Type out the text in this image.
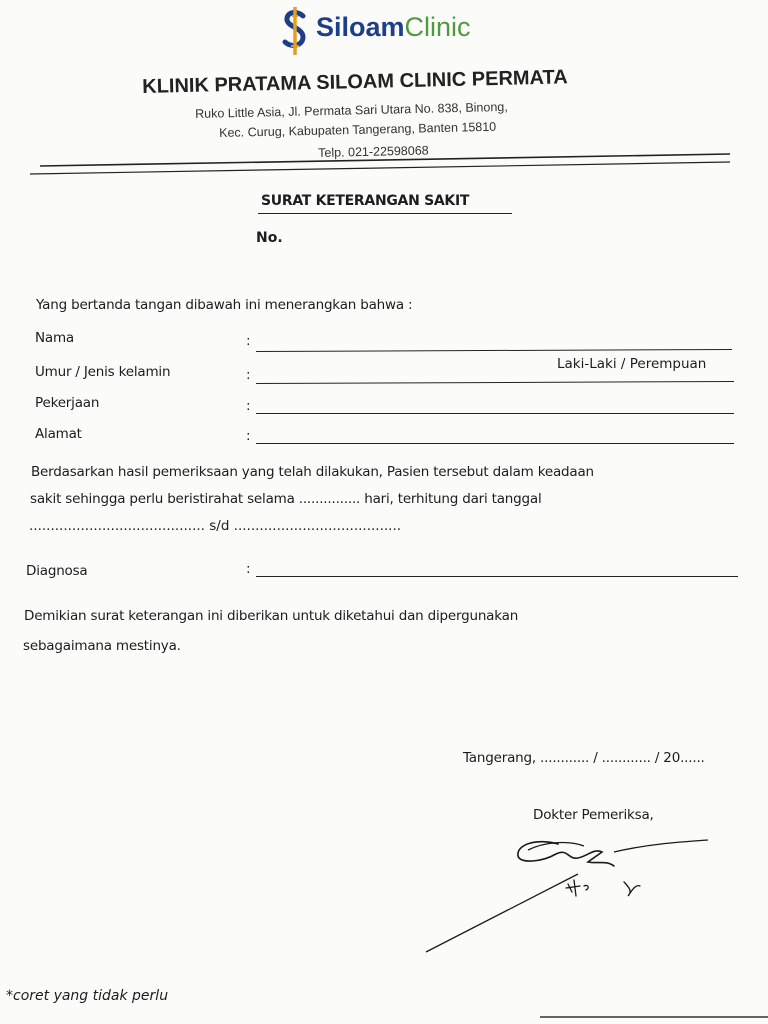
SiloamClinic
KLINIK PRATAMA SILOAM CLINIC PERMATA
Ruko Little Asia, Jl. Permata Sari Utara No. 838, Binong,
Kec. Curug, Kabupaten Tangerang, Banten 15810
Telp. 021-22598068
SURAT KETERANGAN SAKIT
No.
Yang bertanda tangan dibawah ini menerangkan bahwa :
Nama
Umur / Jenis kelamin
Pekerjaan
Alamat
:
:
:
:
Laki-Laki / Perempuan
Berdasarkan hasil pemeriksaan yang telah dilakukan, Pasien tersebut dalam keadaan
sakit sehingga perlu beristirahat selama ............... hari, terhitung dari tanggal
......................................... s/d .......................................
Diagnosa	:
Demikian surat keterangan ini diberikan untuk diketahui dan dipergunakan
sebagaimana mestinya.
Tangerang, ............ / ............ / 20......
Dokter Pemeriksa,
*coret yang tidak perlu
